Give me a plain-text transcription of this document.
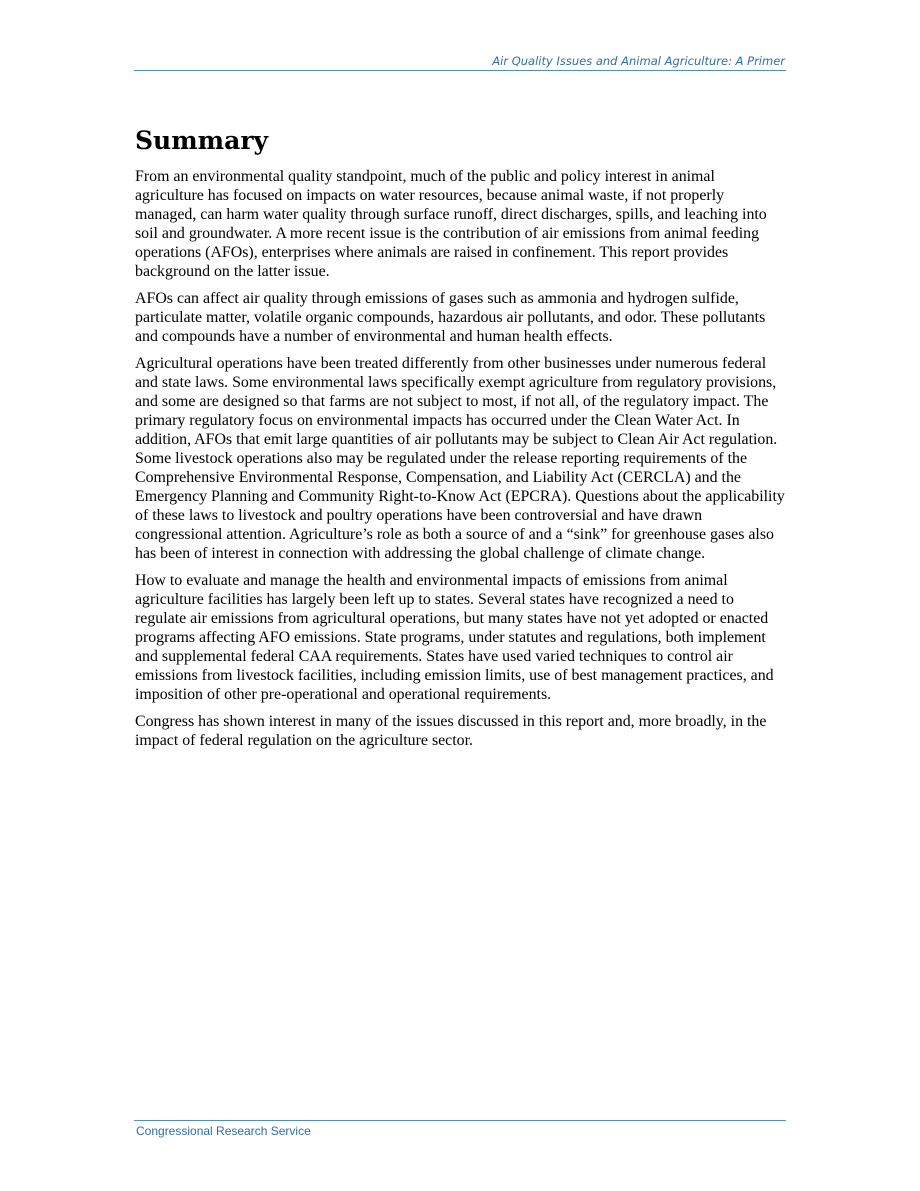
Air Quality Issues and Animal Agriculture: A Primer
Summary

From an environmental quality standpoint, much of the public and policy interest in animal agriculture has focused on impacts on water resources, because animal waste, if not properly managed, can harm water quality through surface runoff, direct discharges, spills, and leaching into soil and groundwater. A more recent issue is the contribution of air emissions from animal feeding operations (AFOs), enterprises where animals are raised in confinement. This report provides background on the latter issue.

AFOs can affect air quality through emissions of gases such as ammonia and hydrogen sulfide, particulate matter, volatile organic compounds, hazardous air pollutants, and odor. These pollutants and compounds have a number of environmental and human health effects.

Agricultural operations have been treated differently from other businesses under numerous federal and state laws. Some environmental laws specifically exempt agriculture from regulatory provisions, and some are designed so that farms are not subject to most, if not all, of the regulatory impact. The primary regulatory focus on environmental impacts has occurred under the Clean Water Act. In addition, AFOs that emit large quantities of air pollutants may be subject to Clean Air Act regulation. Some livestock operations also may be regulated under the release reporting requirements of the Comprehensive Environmental Response, Compensation, and Liability Act (CERCLA) and the Emergency Planning and Community Right-to-Know Act (EPCRA). Questions about the applicability of these laws to livestock and poultry operations have been controversial and have drawn congressional attention. Agriculture’s role as both a source of and a “sink” for greenhouse gases also has been of interest in connection with addressing the global challenge of climate change.

How to evaluate and manage the health and environmental impacts of emissions from animal agriculture facilities has largely been left up to states. Several states have recognized a need to regulate air emissions from agricultural operations, but many states have not yet adopted or enacted programs affecting AFO emissions. State programs, under statutes and regulations, both implement and supplemental federal CAA requirements. States have used varied techniques to control air emissions from livestock facilities, including emission limits, use of best management practices, and imposition of other pre-operational and operational requirements.

Congress has shown interest in many of the issues discussed in this report and, more broadly, in the impact of federal regulation on the agriculture sector.

Congressional Research Service
